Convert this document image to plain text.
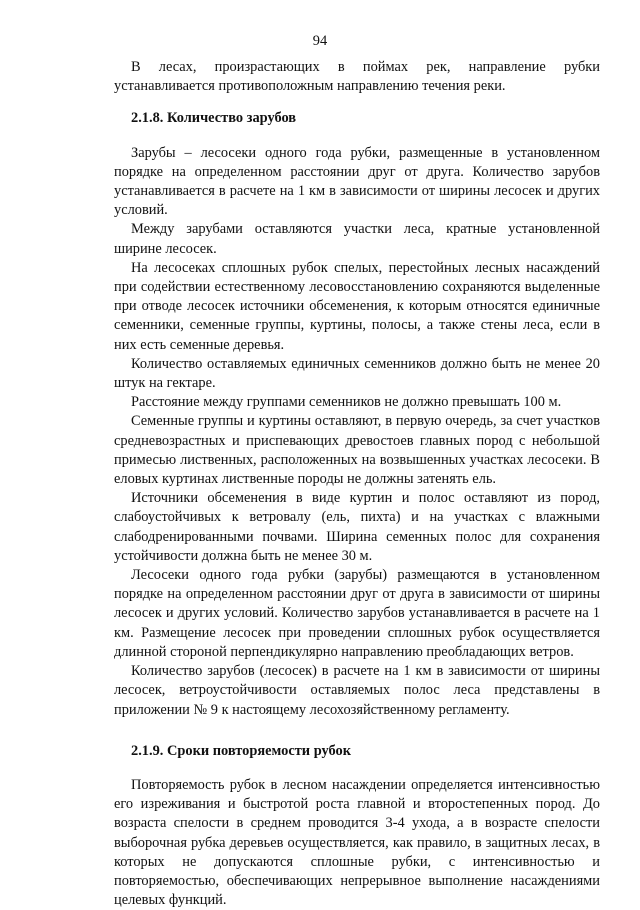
94

В лесах, произрастающих в поймах рек, направление рубки устанавливается противоположным направлению течения реки.

2.1.8. Количество зарубов

Зарубы – лесосеки одного года рубки, размещенные в установленном порядке на определенном расстоянии друг от друга. Количество зарубов устанавливается в расчете на 1 км в зависимости от ширины лесосек и других условий.

Между зарубами оставляются участки леса, кратные установленной ширине лесосек.

На лесосеках сплошных рубок спелых, перестойных лесных насаждений при содействии естественному лесовосстановлению сохраняются выделенные при отводе лесосек источники обсеменения, к которым относятся единичные семенники, семенные группы, куртины, полосы, а также стены леса, если в них есть семенные деревья.

Количество оставляемых единичных семенников должно быть не менее 20 штук на гектаре.

Расстояние между группами семенников не должно превышать 100 м.

Семенные группы и куртины оставляют, в первую очередь, за счет участков средневозрастных и приспевающих древостоев главных пород с небольшой примесью лиственных, расположенных на возвышенных участках лесосеки. В еловых куртинах лиственные породы не должны затенять ель.

Источники обсеменения в виде куртин и полос оставляют из пород, слабоустойчивых к ветровалу (ель, пихта) и на участках с влажными слабодренированными почвами. Ширина семенных полос для сохранения устойчивости должна быть не менее 30 м.

Лесосеки одного года рубки (зарубы) размещаются в установленном порядке на определенном расстоянии друг от друга в зависимости от ширины лесосек и других условий. Количество зарубов устанавливается в расчете на 1 км. Размещение лесосек при проведении сплошных рубок осуществляется длинной стороной перпендикулярно направлению преобладающих ветров.

Количество зарубов (лесосек) в расчете на 1 км в зависимости от ширины лесосек, ветроустойчивости оставляемых полос леса представлены в приложении № 9 к настоящему лесохозяйственному регламенту.

2.1.9. Сроки повторяемости рубок

Повторяемость рубок в лесном насаждении определяется интенсивностью его изреживания и быстротой роста главной и второстепенных пород. До возраста спелости в среднем проводится 3-4 ухода, а в возрасте спелости выборочная рубка деревьев осуществляется, как правило, в защитных лесах, в которых не допускаются сплошные рубки, с интенсивностью и повторяемостью, обеспечивающих непрерывное выполнение насаждениями целевых функций.
